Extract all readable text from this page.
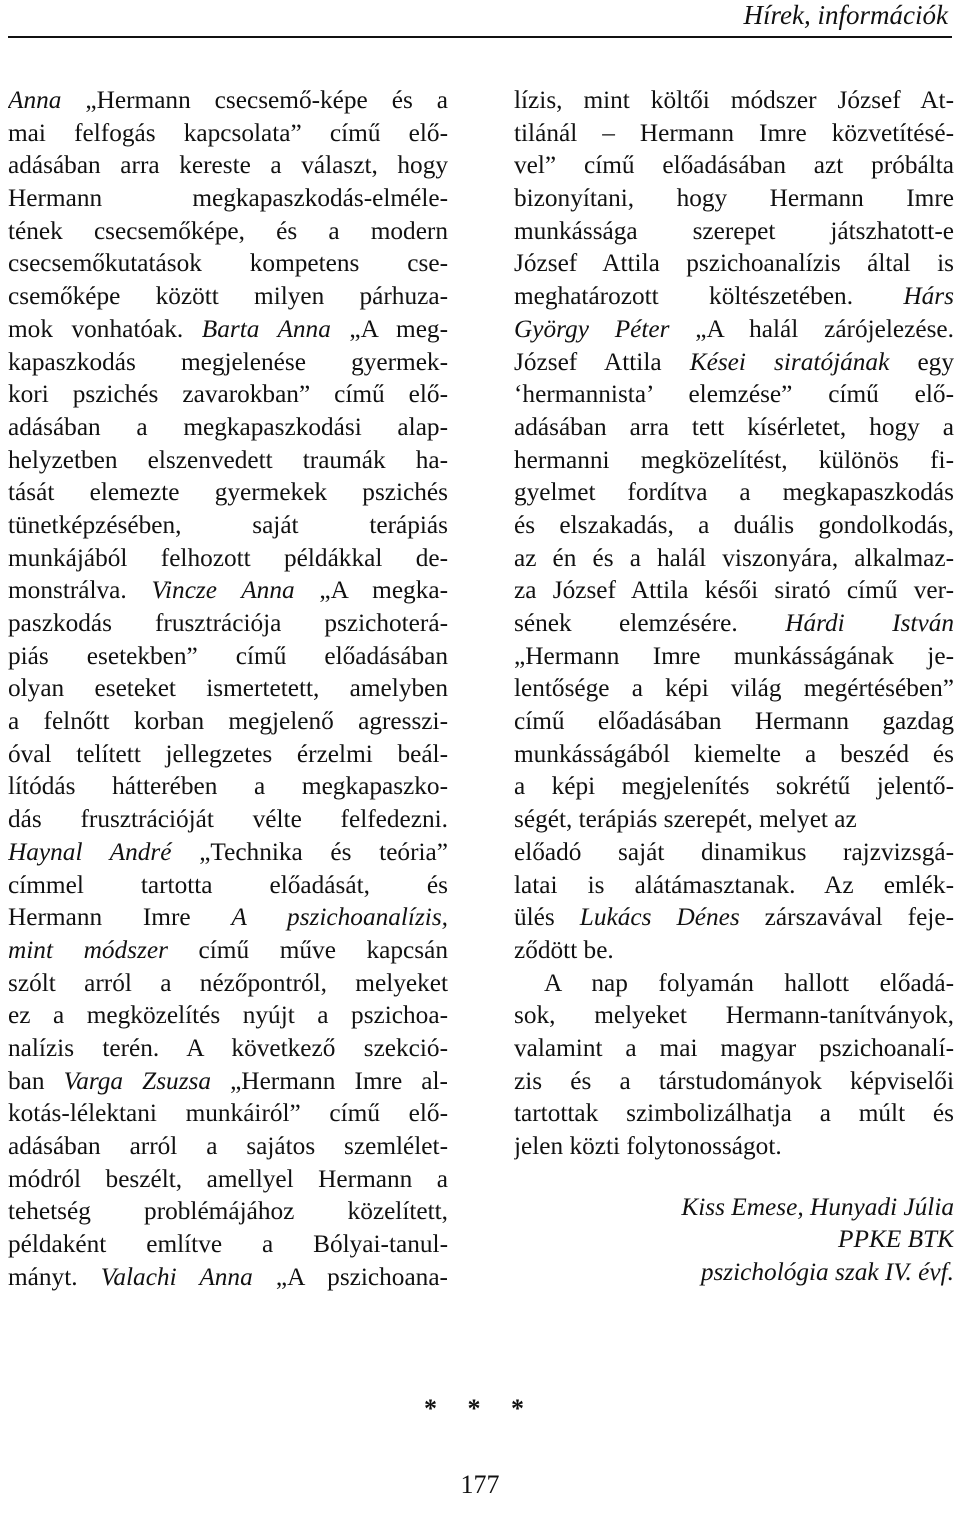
Hírek, információk
Anna „Hermann csecsemő-képe és a
mai felfogás kapcsolata” című elő-
adásában arra kereste a választ, hogy
Hermann megkapaszkodás-elméle-
tének csecsemőképe, és a modern
csecsemőkutatások kompetens cse-
csemőképe között milyen párhuza-
mok vonhatóak. Barta Anna „A meg-
kapaszkodás megjelenése gyermek-
kori pszichés zavarokban” című elő-
adásában a megkapaszkodási alap-
helyzetben elszenvedett traumák ha-
tását elemezte gyermekek pszichés
tünetképzésében, saját terápiás
munkájából felhozott példákkal de-
monstrálva. Vincze Anna „A megka-
paszkodás frusztrációja pszichoterá-
piás esetekben” című előadásában
olyan eseteket ismertetett, amelyben
a felnőtt korban megjelenő agresszi-
óval telített jellegzetes érzelmi beál-
lítódás hátterében a megkapaszko-
dás frusztrációját vélte felfedezni.
Haynal André „Technika és teória”
címmel tartotta előadását, és
Hermann Imre A pszichoanalízis,
mint módszer című műve kapcsán
szólt arról a nézőpontról, melyeket
ez a megközelítés nyújt a pszichoa-
nalízis terén. A következő szekció-
ban Varga Zsuzsa „Hermann Imre al-
kotás-lélektani munkáiról” című elő-
adásában arról a sajátos szemlélet-
módról beszélt, amellyel Hermann a
tehetség problémájához közelített,
példaként említve a Bólyai-tanul-
mányt. Valachi Anna „A pszichoana-
lízis, mint költői módszer József At-
tilánál – Hermann Imre közvetítésé-
vel” című előadásában azt próbálta
bizonyítani, hogy Hermann Imre
munkássága szerepet játszhatott-e
József Attila pszichoanalízis által is
meghatározott költészetében. Hárs
György Péter „A halál zárójelezése.
József Attila Kései siratójának egy
‘hermannista’ elemzése” című elő-
adásában arra tett kísérletet, hogy a
hermanni megközelítést, különös fi-
gyelmet fordítva a megkapaszkodás
és elszakadás, a duális gondolkodás,
az én és a halál viszonyára, alkalmaz-
za József Attila késői sirató című ver-
sének elemzésére. Hárdi István
„Hermann Imre munkásságának je-
lentősége a képi világ megértésében”
című előadásában Hermann gazdag
munkásságából kiemelte a beszéd és
a képi megjelenítés sokrétű jelentő-
ségét, terápiás szerepét, melyet az
előadó saját dinamikus rajzvizsgá-
latai is alátámasztanak. Az emlék-
ülés Lukács Dénes zárszavával feje-
ződött be.
A nap folyamán hallott előadá-
sok, melyeket Hermann-tanítványok,
valamint a mai magyar pszichoanalí-
zis és a társtudományok képviselői
tartottak szimbolizálhatja a múlt és
jelen közti folytonosságot.
Kiss Emese, Hunyadi Júlia
PPKE BTK
pszichológia szak IV. évf.
* * *
177
